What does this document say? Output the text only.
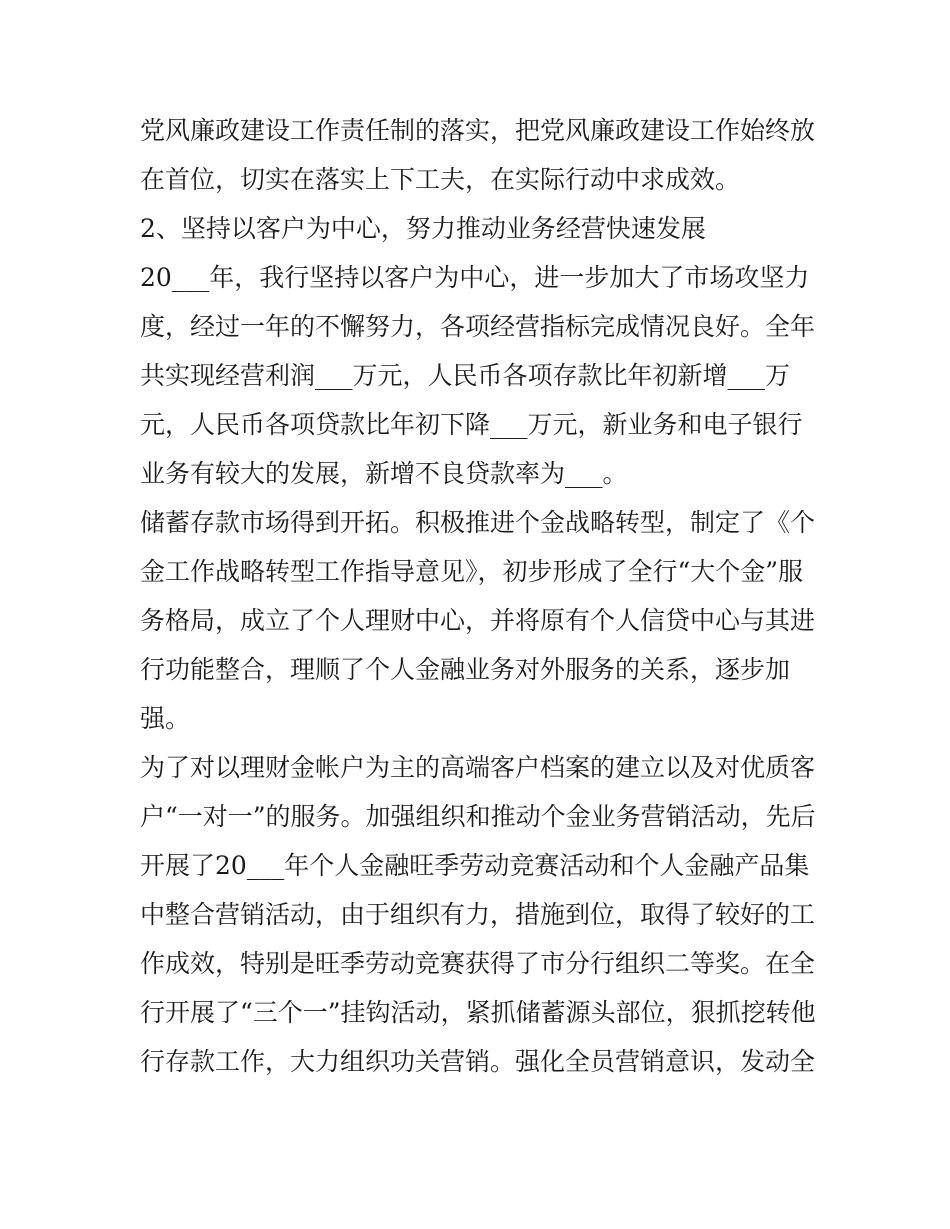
党风廉政建设工作责任制的落实，把党风廉政建设工作始终放
在首位，切实在落实上下工夫，在实际行动中求成效。
2、坚持以客户为中心，努力推动业务经营快速发展
20___年，我行坚持以客户为中心，进一步加大了市场攻坚力
度，经过一年的不懈努力，各项经营指标完成情况良好。全年
共实现经营利润___万元，人民币各项存款比年初新增___万
元，人民币各项贷款比年初下降___万元，新业务和电子银行
业务有较大的发展，新增不良贷款率为___。
储蓄存款市场得到开拓。积极推进个金战略转型，制定了《个
金工作战略转型工作指导意见》，初步形成了全行“大个金”服
务格局，成立了个人理财中心，并将原有个人信贷中心与其进
行功能整合，理顺了个人金融业务对外服务的关系，逐步加
强。
为了对以理财金帐户为主的高端客户档案的建立以及对优质客
户“一对一”的服务。加强组织和推动个金业务营销活动，先后
开展了20___年个人金融旺季劳动竞赛活动和个人金融产品集
中整合营销活动，由于组织有力，措施到位，取得了较好的工
作成效，特别是旺季劳动竞赛获得了市分行组织二等奖。在全
行开展了“三个一”挂钩活动，紧抓储蓄源头部位，狠抓挖转他
行存款工作，大力组织功关营销。强化全员营销意识，发动全
